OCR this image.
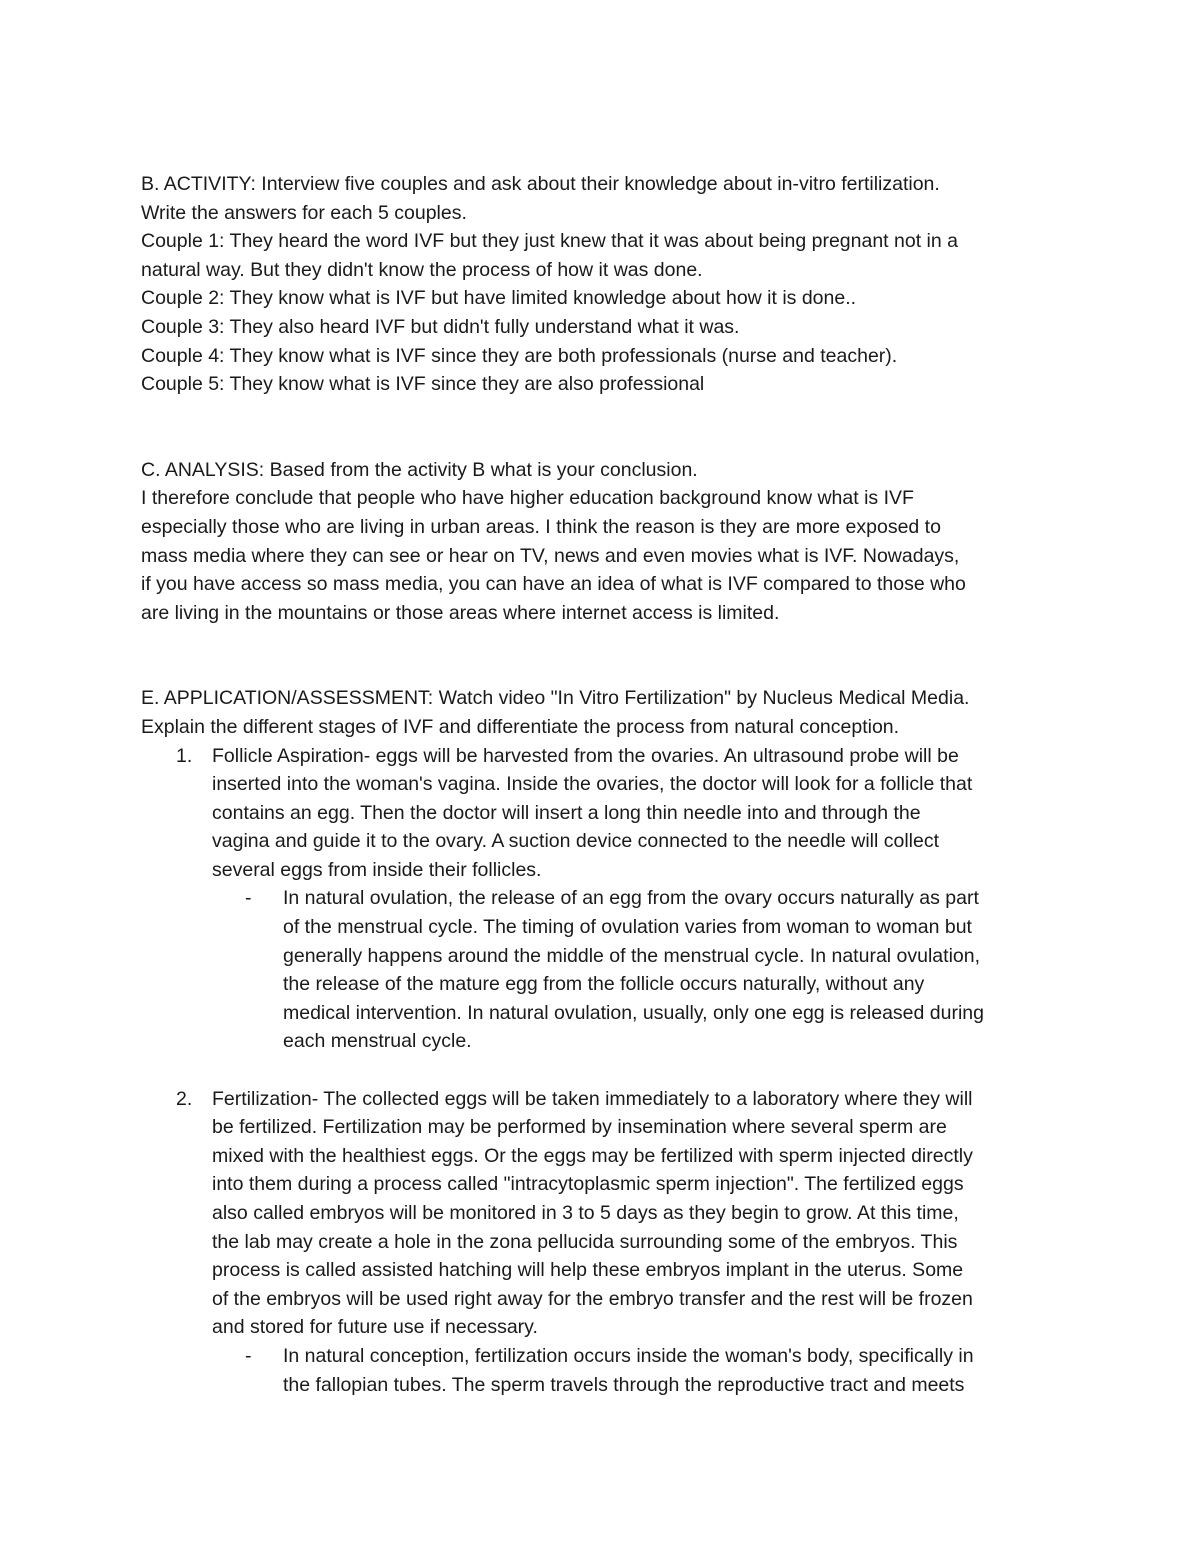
B. ACTIVITY: Interview five couples and ask about their knowledge about in-vitro fertilization.

Write the answers for each 5 couples.

Couple 1: They heard the word IVF but they just knew that it was about being pregnant not in a

natural way. But they didn't know the process of how it was done.

Couple 2: They know what is IVF but have limited knowledge about how it is done..

Couple 3: They also heard IVF but didn't fully understand what it was.

Couple 4: They know what is IVF since they are both professionals (nurse and teacher).

Couple 5: They know what is IVF since they are also professional

C. ANALYSIS: Based from the activity B what is your conclusion.

I therefore conclude that people who have higher education background know what is IVF

especially those who are living in urban areas. I think the reason is they are more exposed to

mass media where they can see or hear on TV, news and even movies what is IVF. Nowadays,

if you have access so mass media, you can have an idea of what is IVF compared to those who

are living in the mountains or those areas where internet access is limited.

E. APPLICATION/ASSESSMENT: Watch video "In Vitro Fertilization" by Nucleus Medical Media.

Explain the different stages of IVF and differentiate the process from natural conception.

1. Follicle Aspiration- eggs will be harvested from the ovaries. An ultrasound probe will be

inserted into the woman's vagina. Inside the ovaries, the doctor will look for a follicle that

contains an egg. Then the doctor will insert a long thin needle into and through the

vagina and guide it to the ovary. A suction device connected to the needle will collect

several eggs from inside their follicles.

- In natural ovulation, the release of an egg from the ovary occurs naturally as part

of the menstrual cycle. The timing of ovulation varies from woman to woman but

generally happens around the middle of the menstrual cycle. In natural ovulation,

the release of the mature egg from the follicle occurs naturally, without any

medical intervention. In natural ovulation, usually, only one egg is released during

each menstrual cycle.

2. Fertilization- The collected eggs will be taken immediately to a laboratory where they will

be fertilized. Fertilization may be performed by insemination where several sperm are

mixed with the healthiest eggs. Or the eggs may be fertilized with sperm injected directly

into them during a process called "intracytoplasmic sperm injection". The fertilized eggs

also called embryos will be monitored in 3 to 5 days as they begin to grow. At this time,

the lab may create a hole in the zona pellucida surrounding some of the embryos. This

process is called assisted hatching will help these embryos implant in the uterus. Some

of the embryos will be used right away for the embryo transfer and the rest will be frozen

and stored for future use if necessary.

- In natural conception, fertilization occurs inside the woman's body, specifically in

the fallopian tubes. The sperm travels through the reproductive tract and meets
